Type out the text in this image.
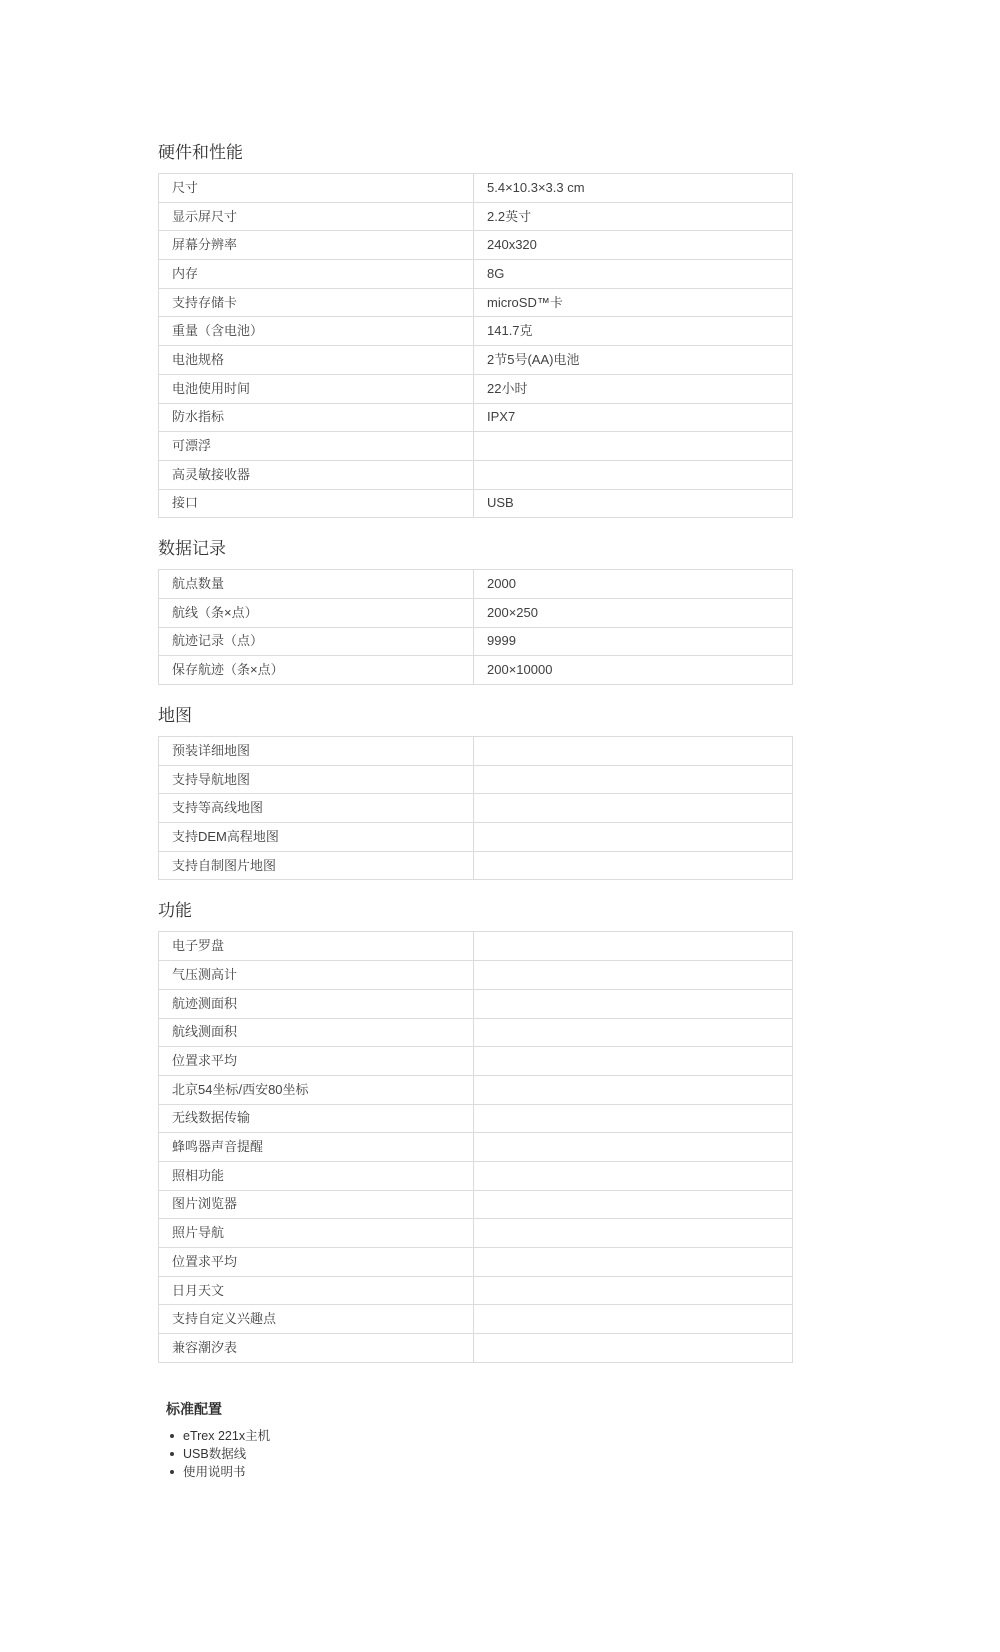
硬件和性能
尺寸	5.4×10.3×3.3 cm
显示屏尺寸	2.2英寸
屏幕分辨率	240x320
内存	8G
支持存储卡	microSD™卡
重量（含电池）	141.7克
电池规格	2节5号(AA)电池
电池使用时间	22小时
防水指标	IPX7
可漂浮	
高灵敏接收器	
接口	USB
数据记录
航点数量	2000
航线（条×点）	200×250
航迹记录（点）	9999
保存航迹（条×点）	200×10000
地图
预装详细地图	
支持导航地图	
支持等高线地图	
支持DEM高程地图	
支持自制图片地图	
功能
电子罗盘	
气压测高计	
航迹测面积	
航线测面积	
位置求平均	
北京54坐标/西安80坐标	
无线数据传输	
蜂鸣器声音提醒	
照相功能	
图片浏览器	
照片导航	
位置求平均	
日月天文	
支持自定义兴趣点	
兼容潮汐表	
标准配置
eTrex 221x主机
USB数据线
使用说明书
